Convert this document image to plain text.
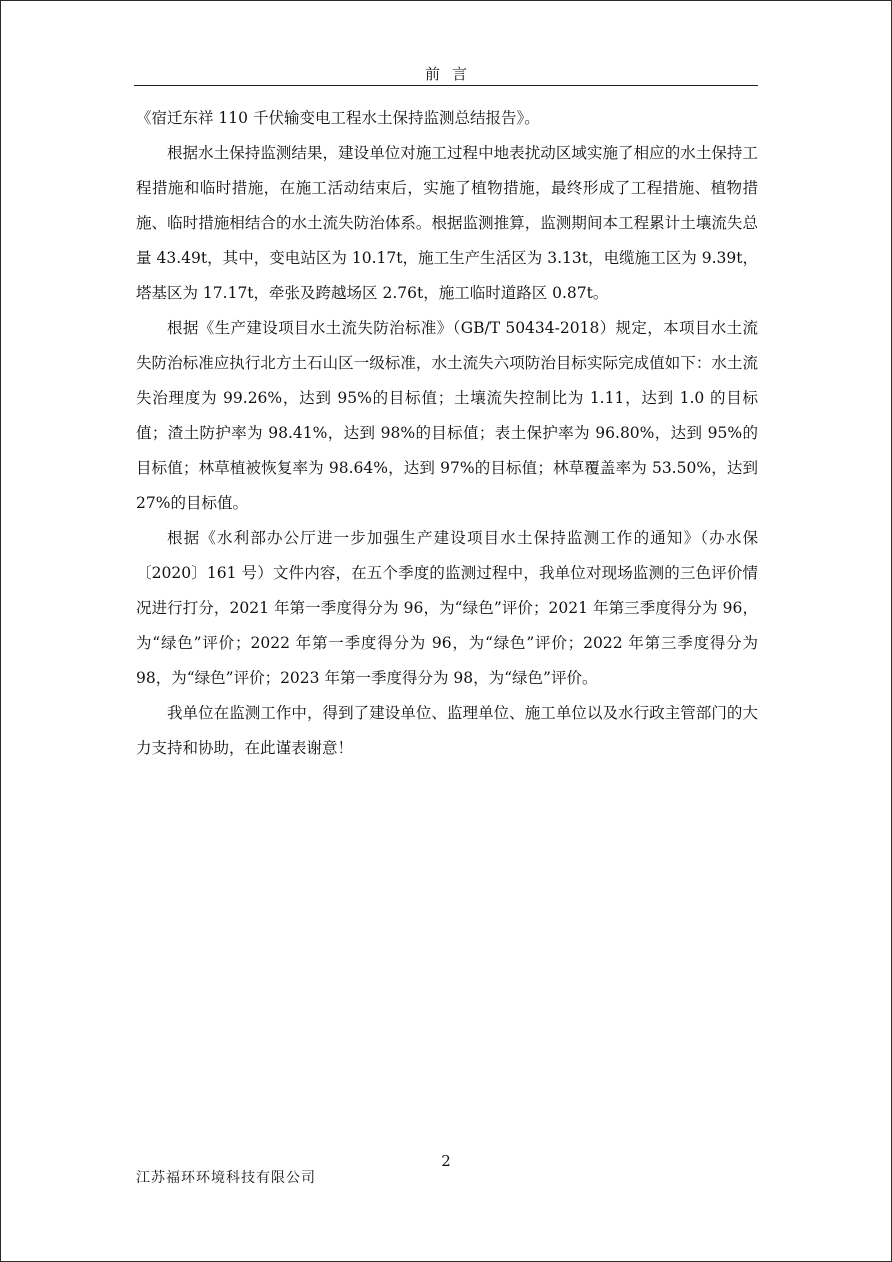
前言

《宿迁东祥 110 千伏输变电工程水土保持监测总结报告》。

根据水土保持监测结果，建设单位对施工过程中地表扰动区域实施了相应的水土保持工程措施和临时措施，在施工活动结束后，实施了植物措施，最终形成了工程措施、植物措施、临时措施相结合的水土流失防治体系。根据监测推算，监测期间本工程累计土壤流失总量 43.49t，其中，变电站区为 10.17t，施工生产生活区为 3.13t，电缆施工区为 9.39t，塔基区为 17.17t，牵张及跨越场区 2.76t，施工临时道路区 0.87t。

根据《生产建设项目水土流失防治标准》（GB/T 50434-2018）规定，本项目水土流失防治标准应执行北方土石山区一级标准，水土流失六项防治目标实际完成值如下：水土流失治理度为 99.26%，达到 95%的目标值；土壤流失控制比为 1.11，达到 1.0 的目标值；渣土防护率为 98.41%，达到 98%的目标值；表土保护率为 96.80%，达到 95%的目标值；林草植被恢复率为 98.64%，达到 97%的目标值；林草覆盖率为 53.50%，达到 27%的目标值。

根据《水利部办公厅进一步加强生产建设项目水土保持监测工作的通知》（办水保〔2020〕161 号）文件内容，在五个季度的监测过程中，我单位对现场监测的三色评价情况进行打分，2021 年第一季度得分为 96，为“绿色”评价；2021 年第三季度得分为 96，为“绿色”评价；2022 年第一季度得分为 96，为“绿色”评价；2022 年第三季度得分为 98，为“绿色”评价；2023 年第一季度得分为 98，为“绿色”评价。

我单位在监测工作中，得到了建设单位、监理单位、施工单位以及水行政主管部门的大力支持和协助，在此谨表谢意！

2
江苏福环环境科技有限公司
